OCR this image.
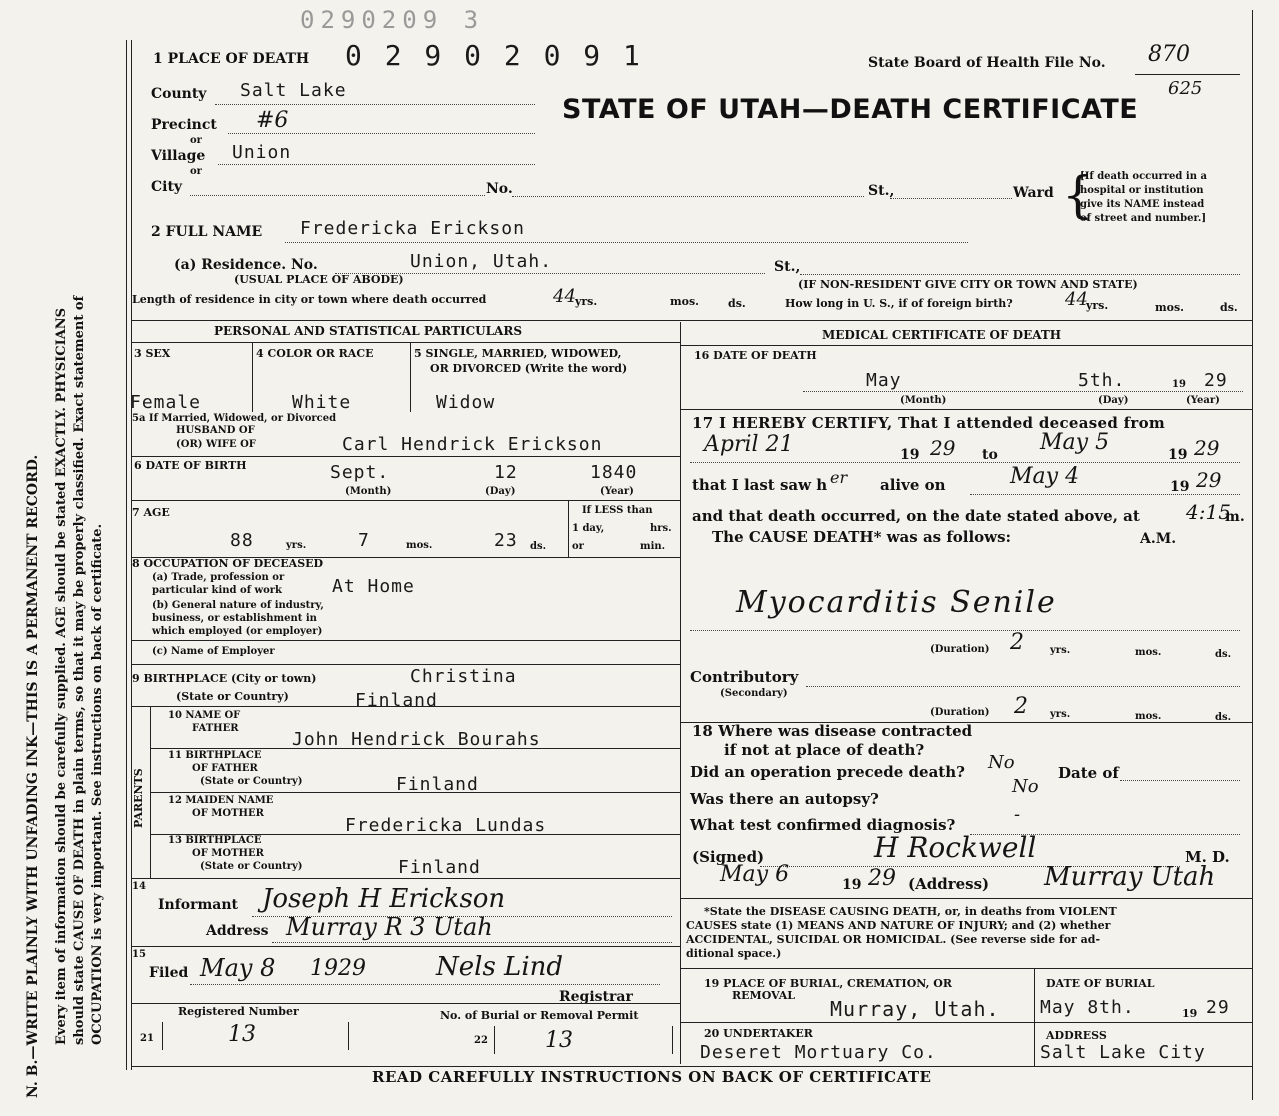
N. B.—WRITE PLAINLY WITH UNFADING INK—THIS IS A PERMANENT RECORD. Every item of information should be carefully supplied. AGE should be stated EXACTLY. PHYSICIANS should state CAUSE OF DEATH in plain terms, so that it may be properly classified. Exact statement of OCCUPATION is very important. See instructions on back of certificate.
0290209 3
1 PLACE OF DEATH 0 2 9 0 2 0 9 1	State Board of Health File No. 870
625
STATE OF UTAH—DEATH CERTIFICATE
County Salt Lake
Precinct #6
or
Village Union
or
City	No.	St.,	Ward {
[If death occurred in a
hospital or institution
give its NAME instead
of street and number.]
2 FULL NAME Fredericka Erickson
(a) Residence. No.	Union, Utah.	St.,
(USUAL PLACE OF ABODE)	(IF NON-RESIDENT GIVE CITY OR TOWN AND STATE)
Length of residence in city or town where death occurred	44 yrs.	mos.	ds.	How long in U. S., if of foreign birth?	44
yrs.	mos.	ds.
PERSONAL AND STATISTICAL PARTICULARS	MEDICAL CERTIFICATE OF DEATH
3 SEX	4 COLOR OR RACE	5 SINGLE, MARRIED, WIDOWED,
OR DIVORCED (Write the word)
Female	White	Widow
5a If Married, Widowed, or Divorced
HUSBAND OF
(OR) WIFE OF	Carl Hendrick Erickson
6 DATE OF BIRTH	Sept.	12	1840
(Month)	(Day)	(Year)
7 AGE
88	yrs.	7	mos.	23 ds.
If LESS than
1 day,	hrs.
or	min.
8 OCCUPATION OF DECEASED
(a) Trade, profession or
particular kind of work	At Home
(b) General nature of industry,
business, or establishment in
which employed (or employer)
(c) Name of Employer
9 BIRTHPLACE (City or town)	Christina
(State or Country)	Finland
PARENTS
10 NAME OF
FATHER
John Hendrick Bourahs
11 BIRTHPLACE
OF FATHER
(State or Country)	Finland
12 MAIDEN NAME
OF MOTHER
Fredericka Lundas
13 BIRTHPLACE
OF MOTHER
(State or Country)	Finland
14
Informant Joseph H Erickson
Address Murray R 3 Utah
15
Filed May 8 1929	Nels Lind
Registrar
Registered Number
21	13
No. of Burial or Removal Permit
22	13
16 DATE OF DEATH
May	5th.	19 29
(Month)	(Day)	(Year)
17 I HEREBY CERTIFY, That I attended deceased from
April 21	19 29 to May 5	19 29
that I last saw h er alive on	May 4	19 29
and that death occurred, on the date stated above, at 4:15
m.
The CAUSE DEATH* was as follows:	A.M.
Myocarditis Senile
(Duration) 2	yrs.	mos.	ds.
Contributory
(Secondary)
(Duration) 2 yrs.	mos.	ds.
18 Where was disease contracted
if not at place of death?
Did an operation precede death? No	Date of
Was there an autopsy?
No
What test confirmed diagnosis?	-
(Signed)	H Rockwell	M. D.
May 6	19 29 (Address) Murray Utah
*State the DISEASE CAUSING DEATH, or, in deaths from VIOLENT
CAUSES state (1) MEANS AND NATURE OF INJURY; and (2) whether
ACCIDENTAL, SUICIDAL OR HOMICIDAL. (See reverse side for ad-
ditional space.)
19 PLACE OF BURIAL, CREMATION, OR
REMOVAL
Murray, Utah.
DATE OF BURIAL
May 8th.	19 29
20 UNDERTAKER
Deseret Mortuary Co.
ADDRESS
Salt Lake City
READ CAREFULLY INSTRUCTIONS ON BACK OF CERTIFICATE
